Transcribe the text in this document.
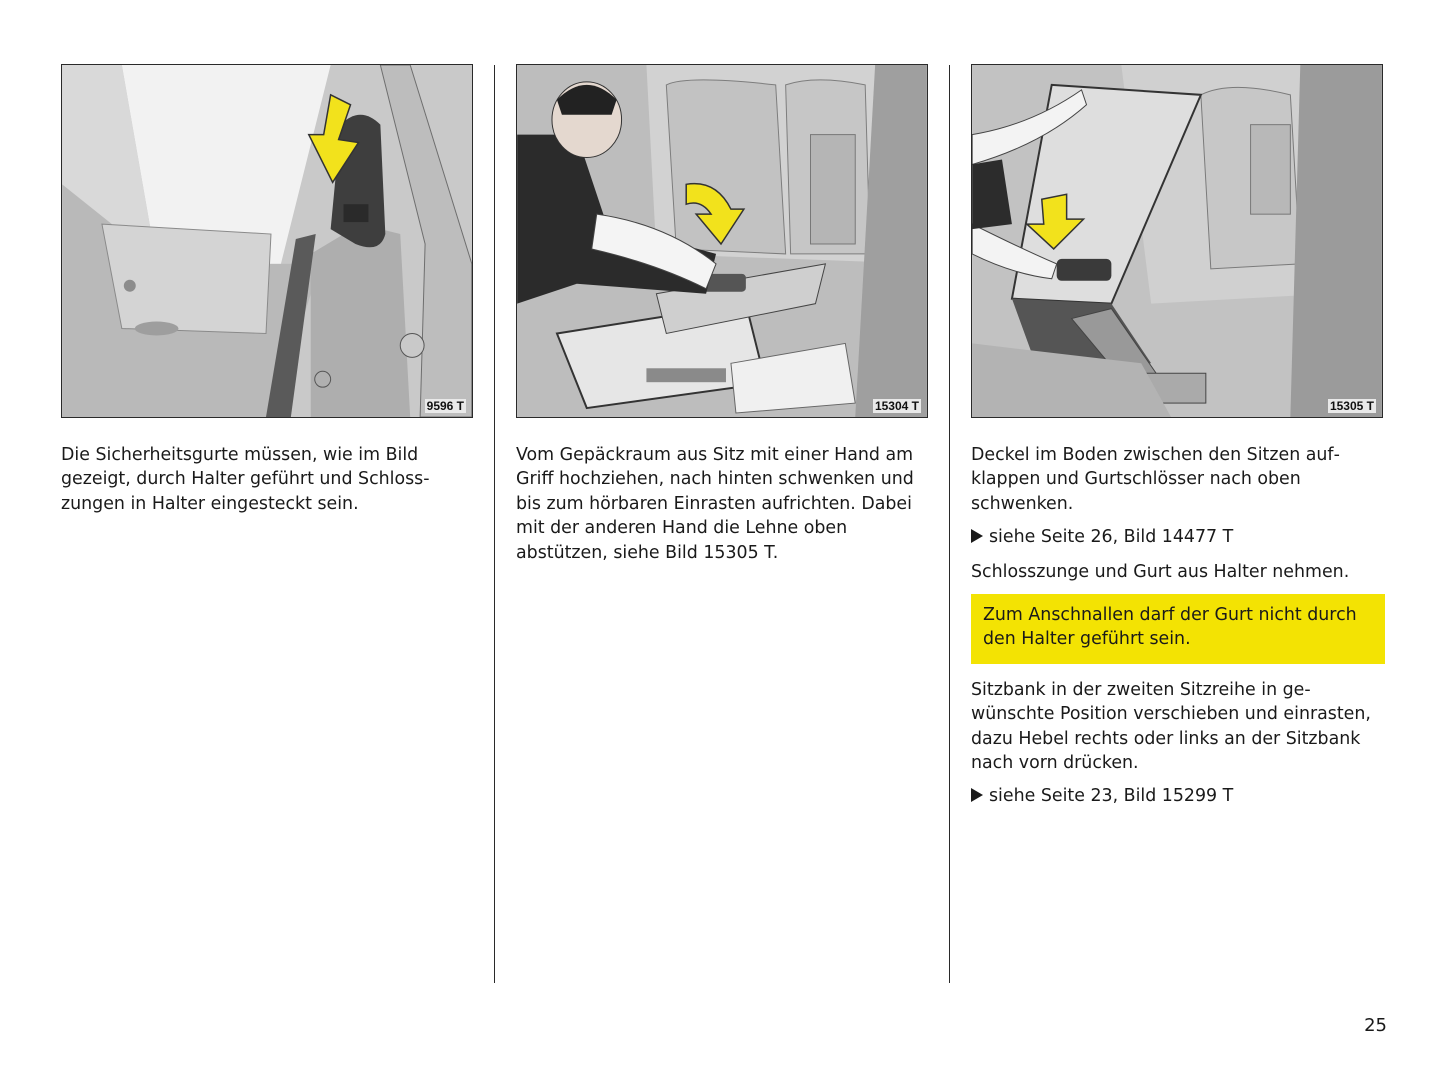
9596 T	15304 T	15305 T

Die Sicherheitsgurte müssen, wie im Bild gezeigt, durch Halter geführt und Schlosszungen in Halter eingesteckt sein.

Vom Gepäckraum aus Sitz mit einer Hand am Griff hochziehen, nach hinten schwenken und bis zum hörbaren Einrasten aufrichten. Dabei mit der anderen Hand die Lehne oben abstützen, siehe Bild 15305 T.

Deckel im Boden zwischen den Sitzen aufklappen und Gurtschlösser nach oben schwenken.

siehe Seite 26, Bild 14477 T

Schlosszunge und Gurt aus Halter nehmen.

Zum Anschnallen darf der Gurt nicht durch den Halter geführt sein.

Sitzbank in der zweiten Sitzreihe in gewünschte Position verschieben und einrasten, dazu Hebel rechts oder links an der Sitzbank nach vorn drücken.

siehe Seite 23, Bild 15299 T

25
